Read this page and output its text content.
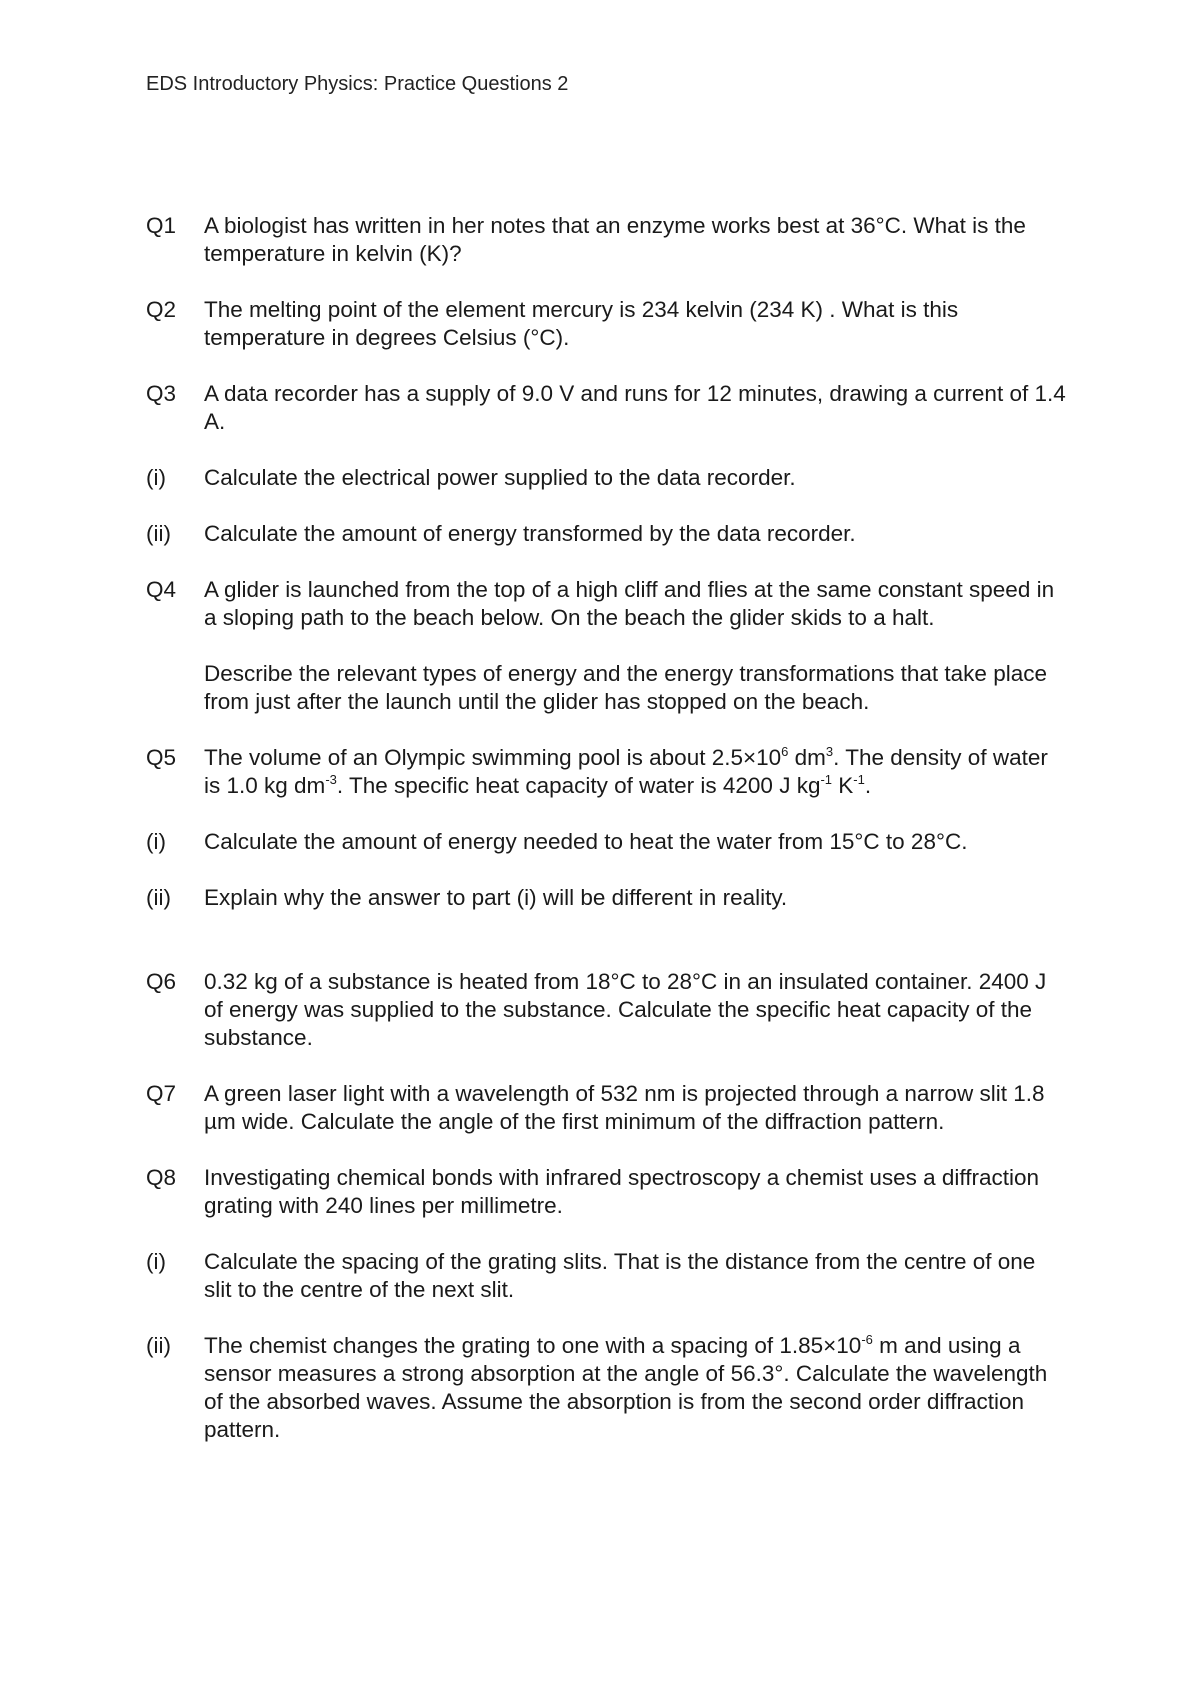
EDS Introductory Physics: Practice Questions 2
Q1	A biologist has written in her notes that an enzyme works best at 36°C. What is the temperature in kelvin (K)?

Q2	The melting point of the element mercury is 234 kelvin (234 K) . What is this temperature in degrees Celsius (°C).

Q3	A data recorder has a supply of 9.0 V and runs for 12 minutes, drawing a current of 1.4 A.

(i)	Calculate the electrical power supplied to the data recorder.

(ii)	Calculate the amount of energy transformed by the data recorder.

Q4	A glider is launched from the top of a high cliff and flies at the same constant speed in a sloping path to the beach below. On the beach the glider skids to a halt.

Describe the relevant types of energy and the energy transformations that take place from just after the launch until the glider has stopped on the beach.

Q5	The volume of an Olympic swimming pool is about $2.5\times 10^6$ $dm^3$. The density of water is 1.0 kg $dm^{-3}$. The specific heat capacity of water is 4200 J $kg^{-1}$ $K^{-1}$.

(i)	Calculate the amount of energy needed to heat the water from 15°C to 28°C.

(ii)	Explain why the answer to part (i) will be different in reality.

Q6	0.32 kg of a substance is heated from 18°C to 28°C in an insulated container. 2400 J of energy was supplied to the substance. Calculate the specific heat capacity of the substance.

Q7	A green laser light with a wavelength of 532 nm is projected through a narrow slit 1.8 µm wide. Calculate the angle of the first minimum of the diffraction pattern.

Q8	Investigating chemical bonds with infrared spectroscopy a chemist uses a diffraction grating with 240 lines per millimetre.

(i)	Calculate the spacing of the grating slits. That is the distance from the centre of one slit to the centre of the next slit.

(ii)	The chemist changes the grating to one with a spacing of $1.85\times 10^{-6}$ m and using a sensor measures a strong absorption at the angle of 56.3°. Calculate the wavelength of the absorbed waves. Assume the absorption is from the second order diffraction pattern.
